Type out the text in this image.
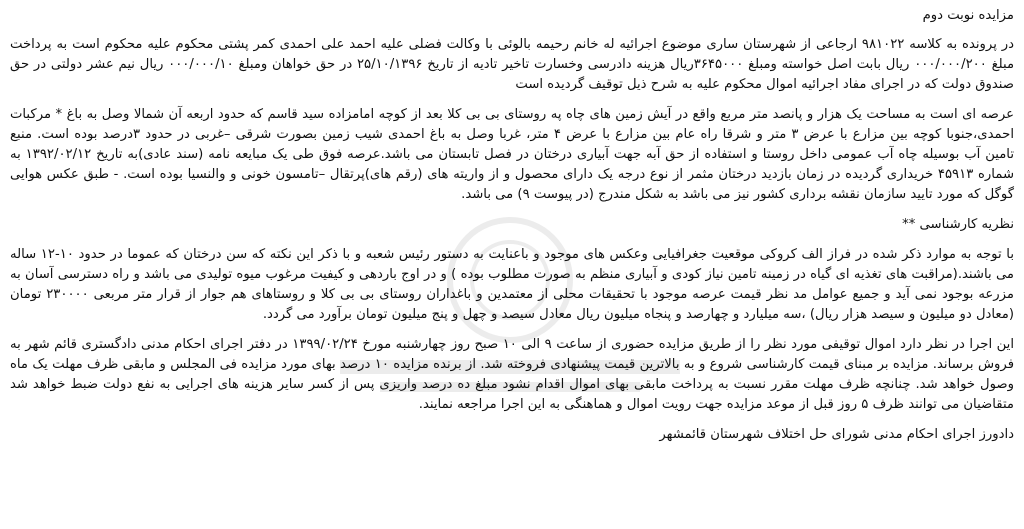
مزایده نوبت دوم
در پرونده به کلاسه ۹۸۱۰۲۲ ارجاعی از شهرستان ساری موضوع اجرائیه له خانم رحیمه بالوئی با وکالت فضلی علیه احمد علی احمدی کمر پشتی محکوم علیه محکوم است به پرداخت مبلغ ۰۰۰/۰۰۰/۲۰۰ ریال بابت اصل خواسته ومبلغ ۳۶۴۵۰۰۰ریال هزینه دادرسی وخسارت تاخیر تادیه از تاریخ ۲۵/۱۰/۱۳۹۶ در حق خواهان ومبلغ ۰۰۰/۰۰۰/۱۰ ریال نیم عشر دولتی در حق صندوق دولت که در اجرای مفاد اجرائیه اموال محکوم علیه به شرح ذیل توقیف گردیده است
عرصه ای است به مساحت یک هزار و پانصد متر مربع واقع در آیش زمین های چاه په روستای بی بی کلا بعد از کوچه امامزاده سید قاسم که حدود اربعه آن شمالا وصل به باغ * مرکبات احمدی،جنوبا کوچه بین مزارع با عرض ۳ متر و شرقا راه عام بین مزارع با عرض ۴ متر، غربا وصل به باغ احمدی شیب زمین بصورت شرقی –غربی در حدود ۳درصد بوده است. منبع تامین آب بوسیله چاه آب عمومی داخل روستا و استفاده از حق آبه جهت آبیاری درختان در فصل تابستان می باشد.عرصه فوق طی یک مبایعه نامه (سند عادی)به تاریخ ۱۳۹۲/۰۲/۱۲ به شماره ۴۵۹۱۳ خریداری گردیده در زمان بازدید درختان مثمر از نوع درجه یک دارای محصول و از واریته های (رقم های)پرتقال –تامسون خونی و والنسیا بوده است. - طبق عکس هوایی گوگل که مورد تایید سازمان نقشه برداری کشور نیز می باشد به شکل مندرج (در پیوست ۹) می باشد.
نظریه کارشناسی **
با توجه به موارد ذکر شده در فراز الف کروکی موقعیت جغرافیایی وعکس های موجود و باعنایت به دستور رئیس شعبه و با ذکر این نکته که سن درختان که عموما در حدود ۱۰-۱۲ ساله می باشند.(مراقبت های تغذیه ای گیاه در زمینه تامین نیاز کودی و آبیاری منظم به صورت مطلوب بوده ) و در اوج باردهی و کیفیت مرغوب میوه تولیدی می باشد و راه دسترسی آسان به مزرعه بوجود نمی آید و جمیع عوامل مد نظر قیمت عرصه موجود با تحقیقات محلی از معتمدین و باغداران روستای بی بی کلا و روستاهای هم جوار از قرار متر مربعی ۲۳۰۰۰۰ تومان (معادل دو میلیون و سیصد هزار ریال) ،سه میلیارد و چهارصد و پنجاه میلیون ریال معادل سیصد و چهل و پنج میلیون تومان برآورد می گردد.
این اجرا در نظر دارد اموال توقیفی مورد نظر را از طریق مزایده حضوری از ساعت ۹ الی ۱۰ صبح روز چهارشنبه مورخ ۱۳۹۹/۰۲/۲۴ در دفتر اجرای احکام مدنی دادگستری قائم شهر به فروش برساند. مزایده بر مبنای قیمت کارشناسی شروع و به بالاترین قیمت پیشنهادی فروخته شد. از برنده مزایده ۱۰ درصد بهای مورد مزایده فی المجلس و مابقی ظرف مهلت یک ماه وصول خواهد شد. چنانچه ظرف مهلت مقرر نسبت به پرداخت مابقی بهای اموال اقدام نشود مبلغ ده درصد واریزی پس از کسر سایر هزینه های اجرایی به نفع دولت ضبط خواهد شد متقاضیان می توانند ظرف ۵ روز قبل از موعد مزایده جهت رویت اموال و هماهنگی به این اجرا مراجعه نمایند.
دادورز اجرای احکام مدنی شورای حل اختلاف شهرستان قائمشهر
